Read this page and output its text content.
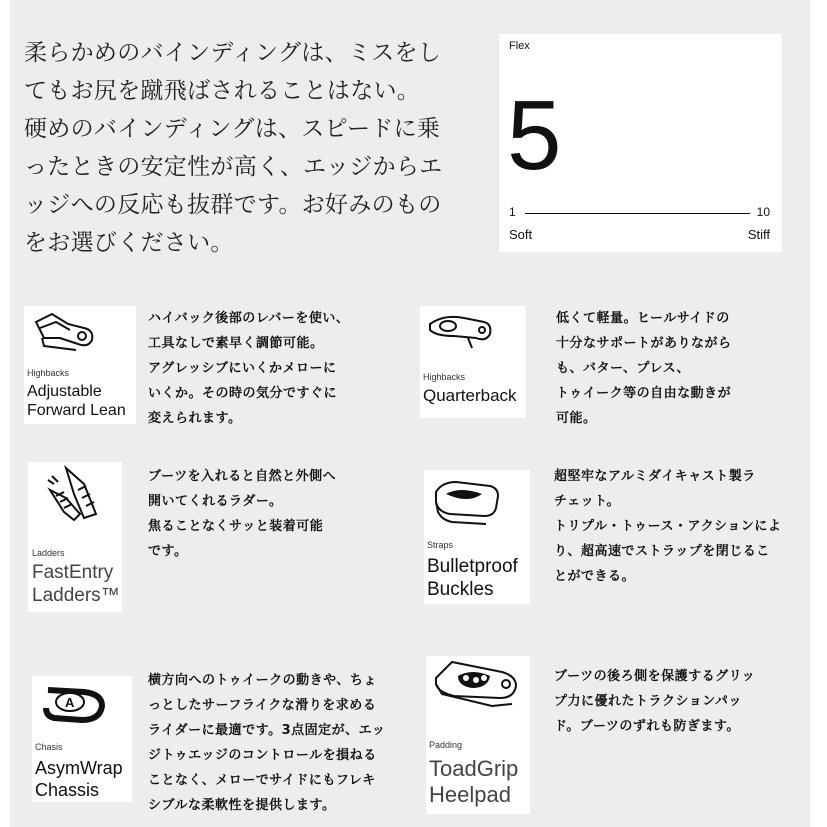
柔らかめのバインディングは、ミスをし
てもお尻を蹴飛ばされることはない。
硬めのバインディングは、スピードに乗
ったときの安定性が高く、エッジからエ
ッジへの反応も抜群です。お好みのもの
をお選びください。
Flex
5
1	10
Soft	Stiff
Highbacks
Adjustable
Forward Lean
ハイバック後部のレバーを使い、
工具なしで素早く調節可能。
アグレッシブにいくかメローに
いくか。その時の気分ですぐに
変えられます。
Highbacks
Quarterback
低くて軽量。ヒールサイドの
十分なサポートがありながら
も、バター、プレス、
トゥイーク等の自由な動きが
可能。
Ladders
FastEntry
Ladders™
ブーツを入れると自然と外側へ
開いてくれるラダー。
焦ることなくサッと装着可能
です。	Straps
Bulletproof
Buckles
超堅牢なアルミダイキャスト製ラ
チェット。
トリプル・トゥース・アクションによ
り、超高速でストラップを閉じるこ
とができる。
A
Chasis
AsymWrap
Chassis
横方向へのトゥイークの動きや、ちょ
っとしたサーフライクな滑りを求める
ライダーに最適です。3点固定が、エッ
ジトゥエッジのコントロールを損ねる
ことなく、メローでサイドにもフレキ
シブルな柔軟性を提供します。
Padding
ToadGrip
Heelpad
ブーツの後ろ側を保護するグリッ
プ力に優れたトラクションパッ
ド。ブーツのずれも防ぎます。
